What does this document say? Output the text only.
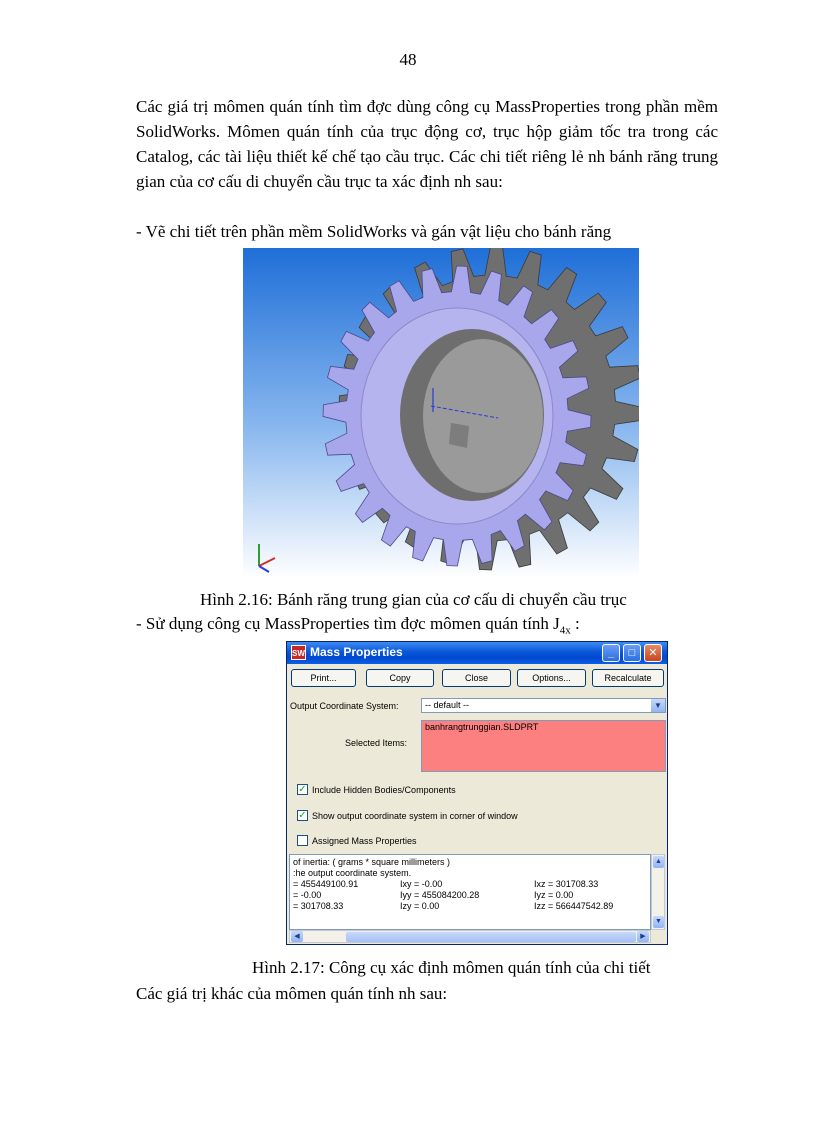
48
Các giá trị mômen quán tính tìm đợc dùng công cụ MassProperties trong phần mềm SolidWorks. Mômen quán tính của trục động cơ, trục hộp giảm tốc tra trong các Catalog, các tài liệu thiết kế chế tạo cầu trục. Các chi tiết riêng lẻ nh bánh răng trung gian của cơ cấu di chuyển cầu trục ta xác định nh sau:
- Vẽ chi tiết trên phần mềm SolidWorks và gán vật liệu cho bánh răng
Hình 2.16: Bánh răng trung gian của cơ cấu di chuyển cầu trục
- Sử dụng công cụ MassProperties tìm đợc mômen quán tính $J_{4x}$ :
SW Mass Properties	_	□	✕
Print...	Copy	Close	Options...	Recalculate
Output Coordinate System:	-- default --	▼
Selected Items:
banhrangtrunggian.SLDPRT
✓ Include Hidden Bodies/Components
✓ Show output coordinate system in corner of window
Assigned Mass Properties
of inertia: ( grams * square millimeters )
:he output coordinate system.
= 455449100.91	Ixy = -0.00	Ixz = 301708.33
= -0.00	Iyy = 455084200.28	Iyz = 0.00
= 301708.33	Izy = 0.00	Izz = 566447542.89
▲
▼
◀	▶
Hình 2.17: Công cụ xác định mômen quán tính của chi tiết
Các giá trị khác của mômen quán tính nh sau:
